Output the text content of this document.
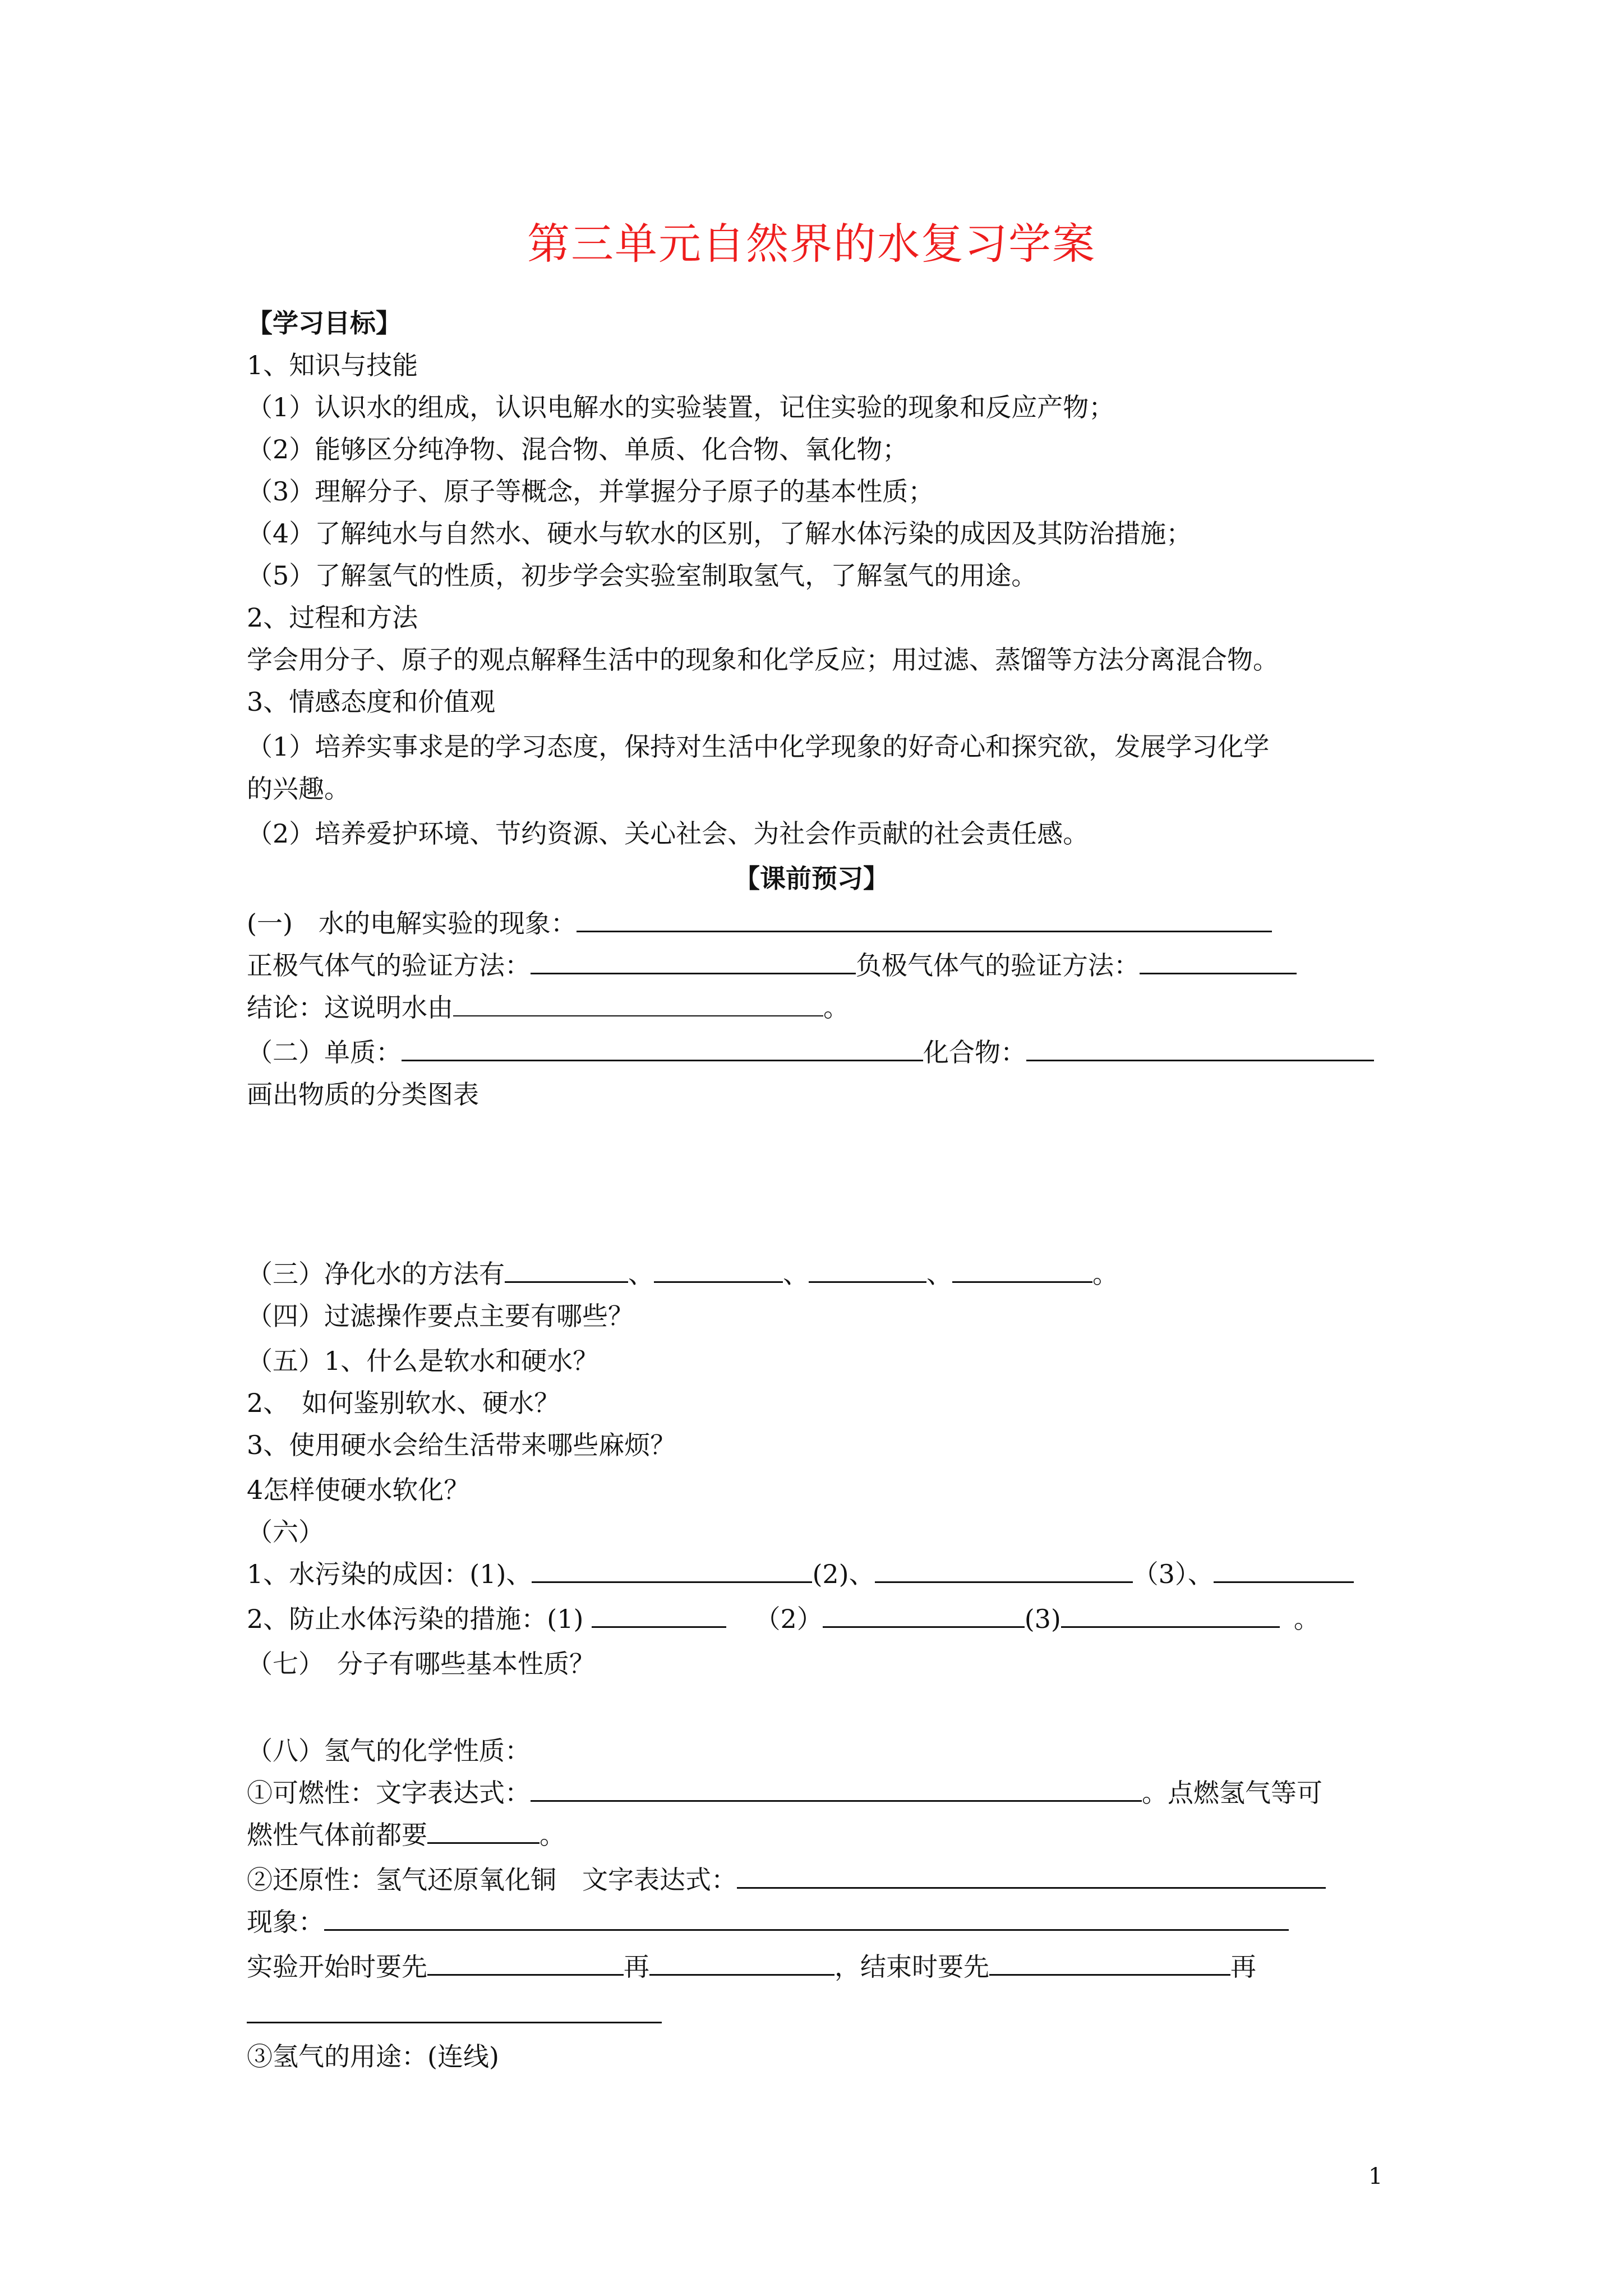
第三单元自然界的水复习学案
【学习目标】
1、知识与技能
（1）认识水的组成，认识电解水的实验装置，记住实验的现象和反应产物；
（2）能够区分纯净物、混合物、单质、化合物、氧化物；
（3）理解分子、原子等概念，并掌握分子原子的基本性质；
（4）了解纯水与自然水、硬水与软水的区别，了解水体污染的成因及其防治措施；
（5）了解氢气的性质，初步学会实验室制取氢气，了解氢气的用途。
2、过程和方法
学会用分子、原子的观点解释生活中的现象和化学反应；用过滤、蒸馏等方法分离混合物。
3、情感态度和价值观
（1）培养实事求是的学习态度，保持对生活中化学现象的好奇心和探究欲，发展学习化学
的兴趣。
（2）培养爱护环境、节约资源、关心社会、为社会作贡献的社会责任感。
【课前预习】
(一)　水的电解实验的现象：
正极气体气的验证方法：	负极气体气的验证方法：
结论：这说明水由	。
（二）单质：	化合物：
画出物质的分类图表
（三）净化水的方法有	、	、	、	。
（四）过滤操作要点主要有哪些？
（五）1、什么是软水和硬水？
2、　如何鉴别软水、硬水？
3、使用硬水会给生活带来哪些麻烦？
4怎样使硬水软化？
（六）
1、水污染的成因：(1)、	(2)、	（3）、
2、防止水体污染的措施：(1)	（2）	(3)	。
（七）　分子有哪些基本性质？
（八）氢气的化学性质：
①可燃性：文字表达式：	。点燃氢气等可
燃性气体前都要	。
②还原性：氢气还原氧化铜　文字表达式：
现象：
实验开始时要先	再	，结束时要先	再
③氢气的用途：(连线)
1
